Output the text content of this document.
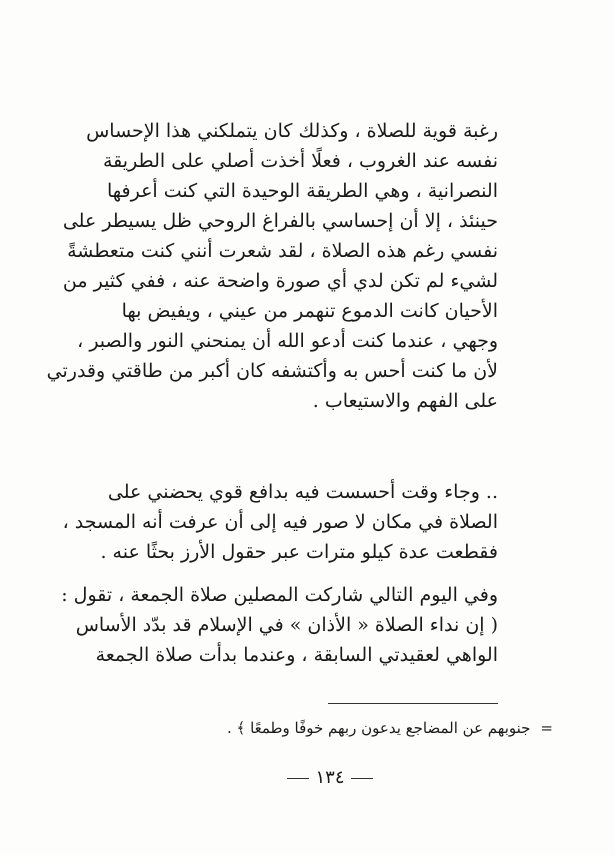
رغبة قوية للصلاة ، وكذلك كان يتملكني هذا الإحساس
نفسه عند الغروب ، فعلًا أخذت أصلي على الطريقة
النصرانية ، وهي الطريقة الوحيدة التي كنت أعرفها
حينئذ ، إلا أن إحساسي بالفراغ الروحي ظل يسيطر على
نفسي رغم هذه الصلاة ، لقد شعرت أنني كنت متعطشةً
لشيء لم تكن لدي أي صورة واضحة عنه ، ففي كثير من
الأحيان كانت الدموع تنهمر من عيني ، ويفيض بها
وجهي ، عندما كنت أدعو الله أن يمنحني النور والصبر ،
لأن ما كنت أحس به وأكتشفه كان أكبر من طاقتي وقدرتي
على الفهم والاستيعاب .
.. وجاء وقت أحسست فيه بدافع قوي يحضني على
الصلاة في مكان لا صور فيه إلى أن عرفت أنه المسجد ،
فقطعت عدة كيلو مترات عبر حقول الأرز بحثًا عنه .
وفي اليوم التالي شاركت المصلين صلاة الجمعة ، تقول :
( إن نداء الصلاة « الأذان » في الإسلام قد بدّد الأساس
الواهي لعقيدتي السابقة ، وعندما بدأت صلاة الجمعة
=جنوبهم عن المضاجع يدعون ربهم خوفًا وطمعًا ﴾ .
١٣٤
